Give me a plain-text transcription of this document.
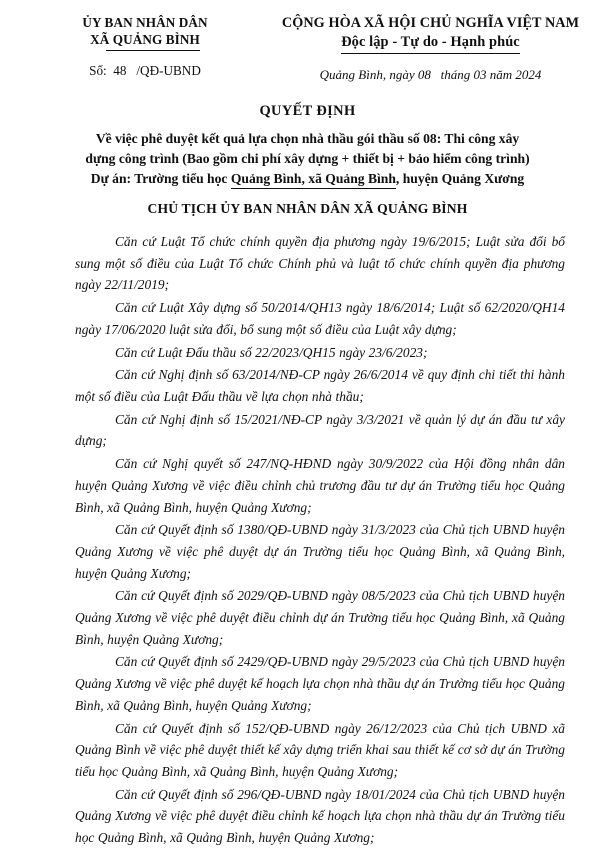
ỦY BAN NHÂN DÂN
XÃ QUẢNG BÌNH
Số:  48   /QĐ-UBND
CỘNG HÒA XÃ HỘI CHỦ NGHĨA VIỆT NAM
Độc lập - Tự do - Hạnh phúc
Quảng Bình, ngày 08   tháng 03 năm 2024
QUYẾT ĐỊNH
Về việc phê duyệt kết quả lựa chọn nhà thầu gói thầu số 08: Thi công xây
dựng công trình (Bao gồm chi phí xây dựng + thiết bị + bảo hiểm công trình)
Dự án: Trường tiểu học Quảng Bình, xã Quảng Bình, huyện Quảng Xương
CHỦ TỊCH ỦY BAN NHÂN DÂN XÃ QUẢNG BÌNH

Căn cứ Luật Tổ chức chính quyền địa phương ngày 19/6/2015; Luật sửa đổi bổ sung một số điều của Luật Tổ chức Chính phủ và luật tổ chức chính quyền địa phương ngày 22/11/2019;

Căn cứ Luật Xây dựng số 50/2014/QH13 ngày 18/6/2014; Luật số 62/2020/QH14 ngày 17/06/2020 luật sửa đổi, bổ sung một số điều của Luật xây dựng;

Căn cứ Luật Đấu thầu số 22/2023/QH15 ngày 23/6/2023;

Căn cứ Nghị định số 63/2014/NĐ-CP ngày 26/6/2014 về quy định chi tiết thi hành một số điều của Luật Đấu thầu về lựa chọn nhà thầu;

Căn cứ Nghị định số 15/2021/NĐ-CP ngày 3/3/2021 về quản lý dự án đầu tư xây dựng;

Căn cứ Nghị quyết số 247/NQ-HĐND ngày 30/9/2022 của Hội đồng nhân dân huyện Quảng Xương về việc điều chỉnh chủ trương đầu tư dự án Trường tiểu học Quảng Bình, xã Quảng Bình, huyện Quảng Xương;

Căn cứ Quyết định số 1380/QĐ-UBND ngày 31/3/2023 của Chủ tịch UBND huyện Quảng Xương về việc phê duyệt dự án Trường tiểu học Quảng Bình, xã Quảng Bình, huyện Quảng Xương;

Căn cứ Quyết định số 2029/QĐ-UBND ngày 08/5/2023 của Chủ tịch UBND huyện Quảng Xương về việc phê duyệt điều chỉnh dự án Trường tiểu học Quảng Bình, xã Quảng Bình, huyện Quảng Xương;

Căn cứ Quyết định số 2429/QĐ-UBND ngày 29/5/2023 của Chủ tịch UBND huyện Quảng Xương về việc phê duyệt kế hoạch lựa chọn nhà thầu dự án Trường tiểu học Quảng Bình, xã Quảng Bình, huyện Quảng Xương;

Căn cứ Quyết định số 152/QĐ-UBND ngày 26/12/2023 của Chủ tịch UBND xã Quảng Bình về việc phê duyệt thiết kế xây dựng triển khai sau thiết kế cơ sở dự án Trường tiểu học Quảng Bình, xã Quảng Bình, huyện Quảng Xương;

Căn cứ Quyết định số 296/QĐ-UBND ngày 18/01/2024 của Chủ tịch UBND huyện Quảng Xương về việc phê duyệt điều chỉnh kế hoạch lựa chọn nhà thầu dự án Trường tiểu học Quảng Bình, xã Quảng Bình, huyện Quảng Xương;
